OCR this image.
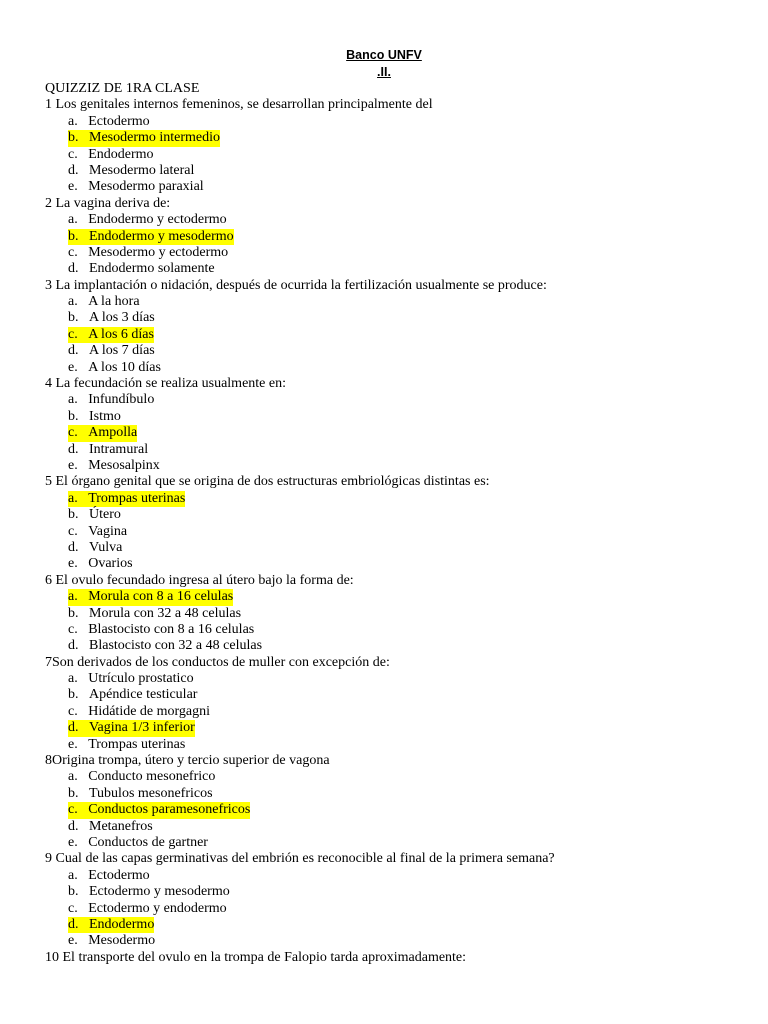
Banco UNFV
.II.
QUIZZIZ DE 1RA CLASE
1 Los genitales internos femeninos, se desarrollan principalmente del
a.   Ectodermo
b.   Mesodermo intermedio
c.   Endodermo
d.   Mesodermo lateral
e.   Mesodermo paraxial
2 La vagina deriva de:
a.   Endodermo y ectodermo
b.   Endodermo y mesodermo
c.   Mesodermo y ectodermo
d.   Endodermo solamente
3 La implantación o nidación, después de ocurrida la fertilización usualmente se produce:
a.   A la hora
b.   A los 3 días
c.   A los 6 días
d.   A los 7 días
e.   A los 10 días
4 La fecundación se realiza usualmente en:
a.   Infundíbulo
b.   Istmo
c.   Ampolla
d.   Intramural
e.   Mesosalpinx
5 El órgano genital que se origina de dos estructuras embriológicas distintas es:
a.   Trompas uterinas
b.   Útero
c.   Vagina
d.   Vulva
e.   Ovarios
6 El ovulo fecundado ingresa al útero bajo la forma de:
a.   Morula con 8 a 16 celulas
b.   Morula con 32 a 48 celulas
c.   Blastocisto con 8 a 16 celulas
d.   Blastocisto con 32 a 48 celulas
7Son derivados de los conductos de muller con excepción de:
a.   Utrículo prostatico
b.   Apéndice testicular
c.   Hidátide de morgagni
d.   Vagina 1/3 inferior
e.   Trompas uterinas
8Origina trompa, útero y tercio superior de vagona
a.   Conducto mesonefrico
b.   Tubulos mesonefricos
c.   Conductos paramesonefricos
d.   Metanefros
e.   Conductos de gartner
9 Cual de las capas germinativas del embrión es reconocible al final de la primera semana?
a.   Ectodermo
b.   Ectodermo y mesodermo
c.   Ectodermo y endodermo
d.   Endodermo
e.   Mesodermo
10 El transporte del ovulo en la trompa de Falopio tarda aproximadamente:
